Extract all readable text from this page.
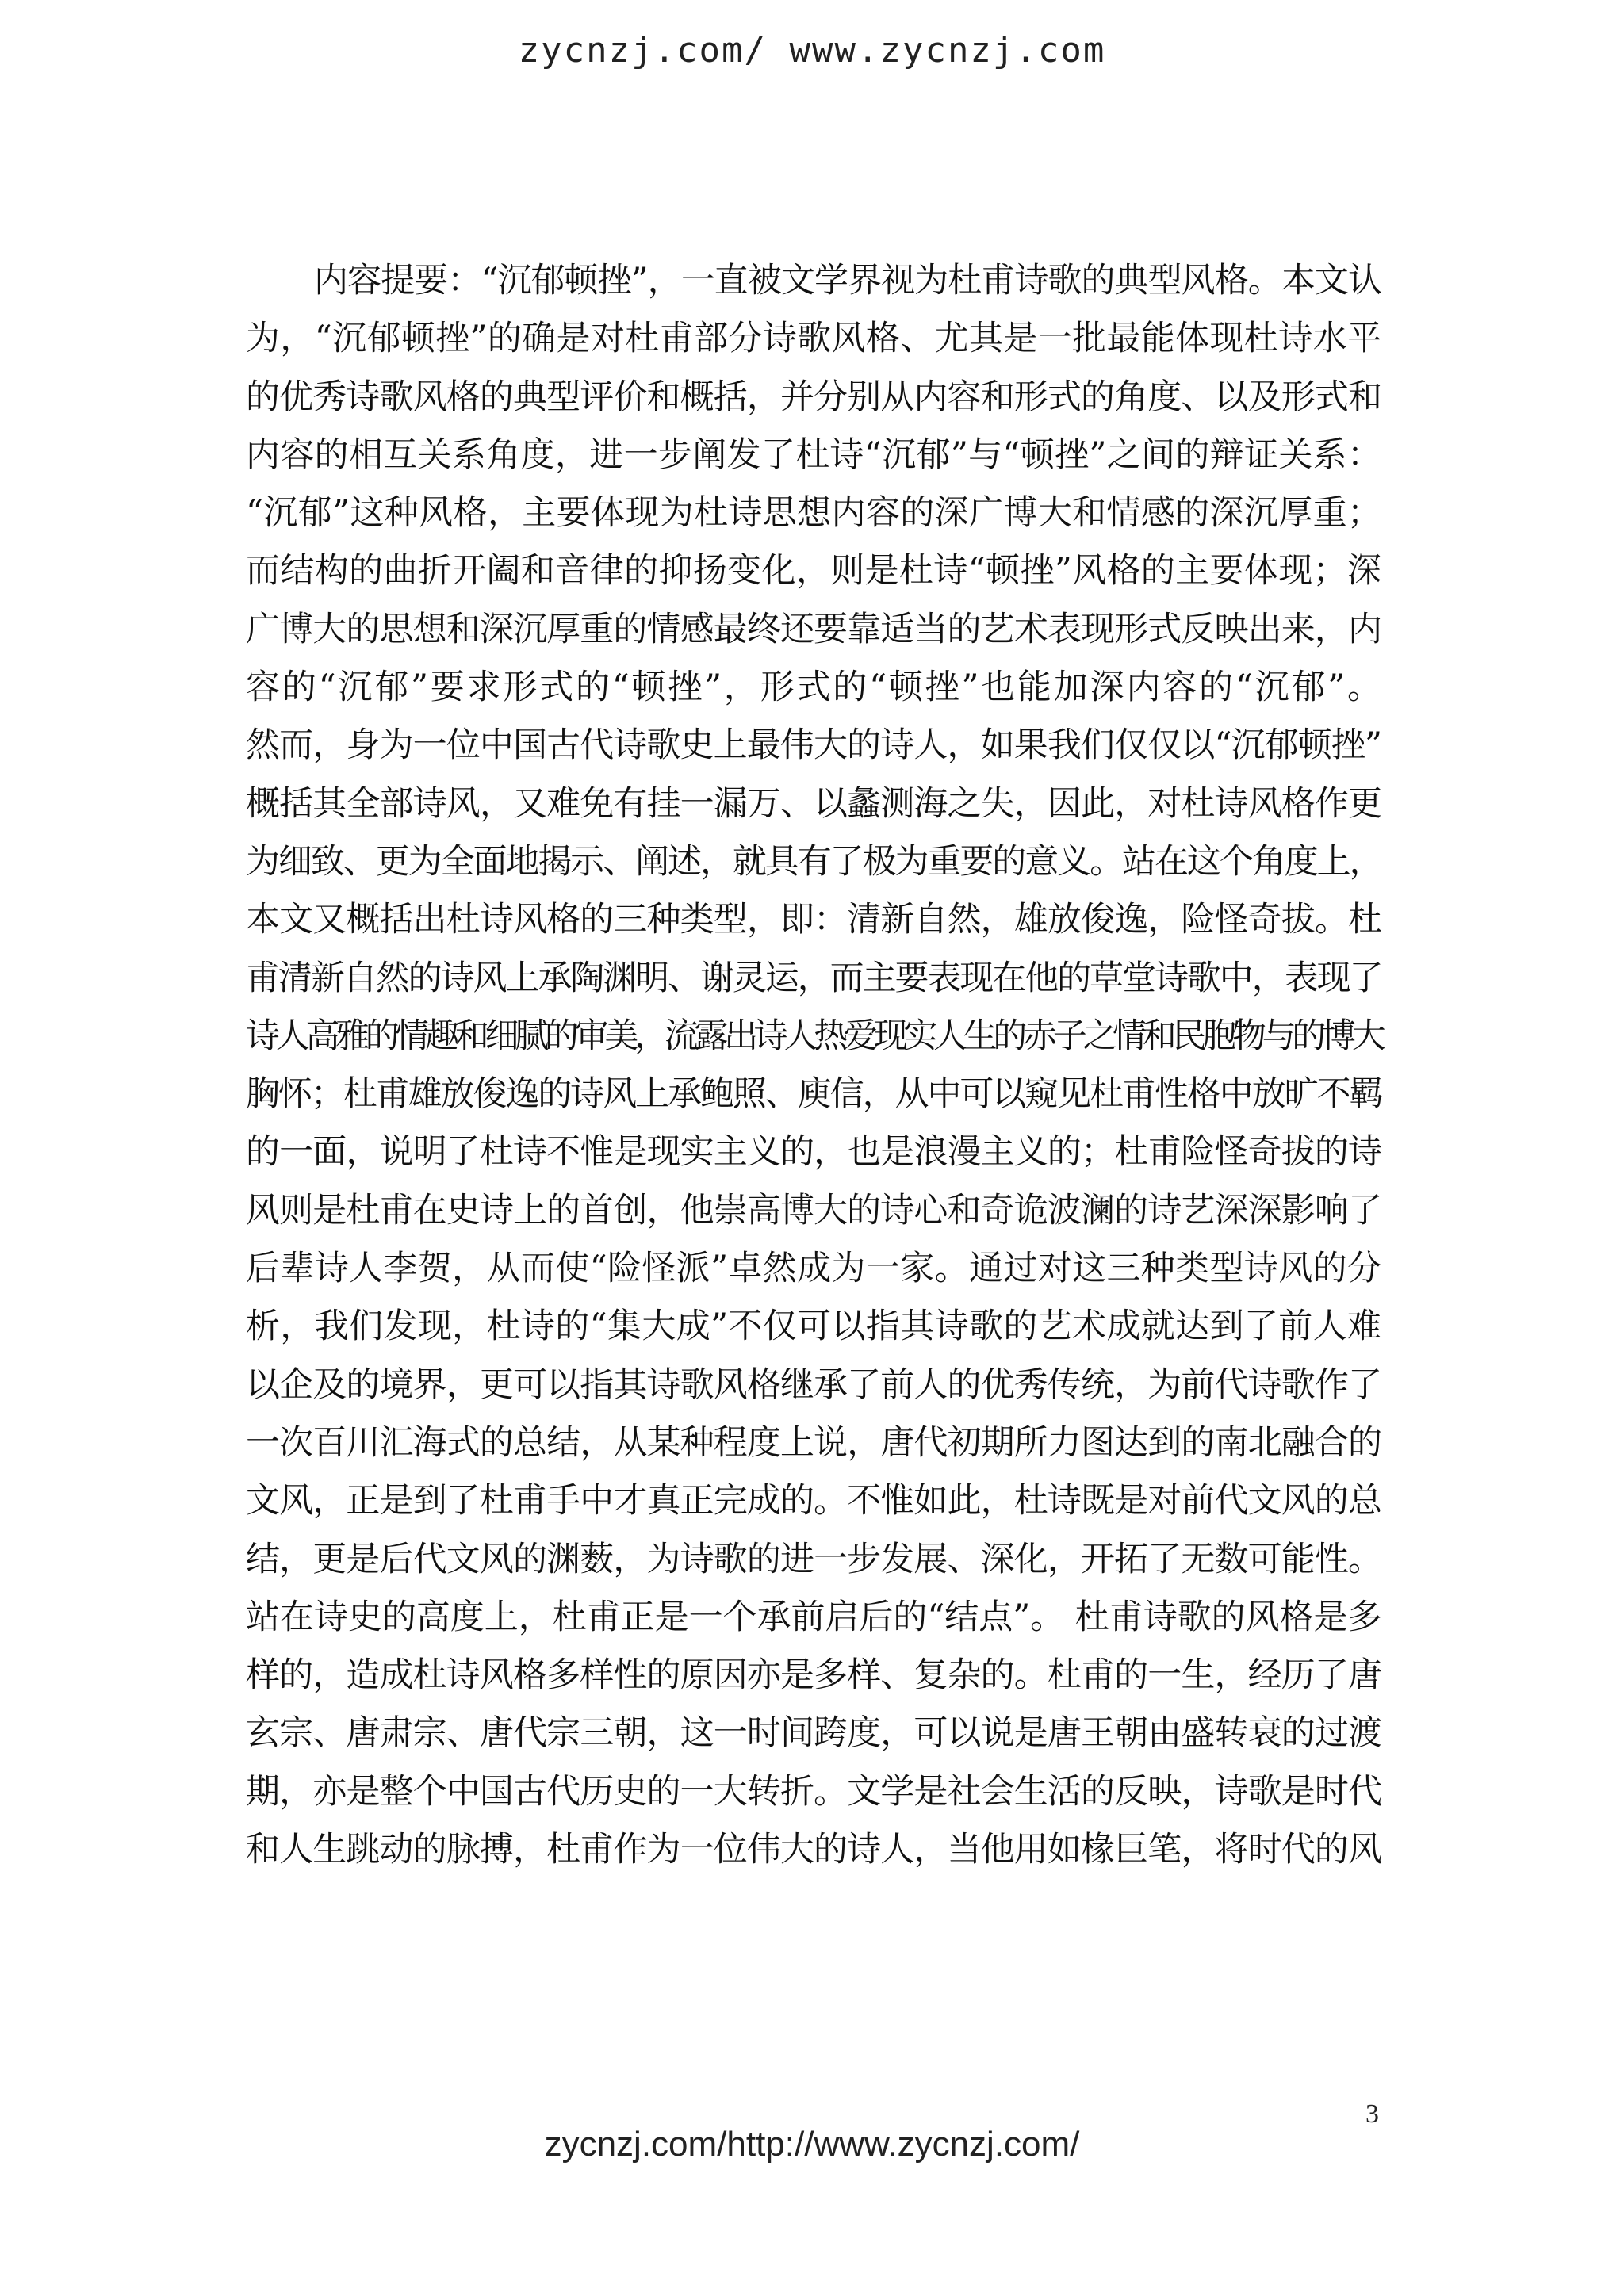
zycnzj.com/ www.zycnzj.com
内容提要：“沉郁顿挫”，一直被文学界视为杜甫诗歌的典型风格。本文认
为，“沉郁顿挫”的确是对杜甫部分诗歌风格、尤其是一批最能体现杜诗水平
的优秀诗歌风格的典型评价和概括，并分别从内容和形式的角度、以及形式和
内容的相互关系角度，进一步阐发了杜诗“沉郁”与“顿挫”之间的辩证关系：
“沉郁”这种风格，主要体现为杜诗思想内容的深广博大和情感的深沉厚重；
而结构的曲折开阖和音律的抑扬变化，则是杜诗“顿挫”风格的主要体现；深
广博大的思想和深沉厚重的情感最终还要靠适当的艺术表现形式反映出来，内
容的“沉郁”要求形式的“顿挫”，形式的“顿挫”也能加深内容的“沉郁”。
然而，身为一位中国古代诗歌史上最伟大的诗人，如果我们仅仅以“沉郁顿挫”
概括其全部诗风，又难免有挂一漏万、以蠡测海之失，因此，对杜诗风格作更
为细致、更为全面地揭示、阐述，就具有了极为重要的意义。站在这个角度上，
本文又概括出杜诗风格的三种类型，即：清新自然，雄放俊逸，险怪奇拔。杜
甫清新自然的诗风上承陶渊明、谢灵运，而主要表现在他的草堂诗歌中，表现了
诗人高雅的情趣和细腻的审美，流露出诗人热爱现实人生的赤子之情和民胞物与的博大
胸怀；杜甫雄放俊逸的诗风上承鲍照、庾信，从中可以窥见杜甫性格中放旷不羁
的一面，说明了杜诗不惟是现实主义的，也是浪漫主义的；杜甫险怪奇拔的诗
风则是杜甫在史诗上的首创，他崇高博大的诗心和奇诡波澜的诗艺深深影响了
后辈诗人李贺，从而使“险怪派”卓然成为一家。通过对这三种类型诗风的分
析，我们发现，杜诗的“集大成”不仅可以指其诗歌的艺术成就达到了前人难
以企及的境界，更可以指其诗歌风格继承了前人的优秀传统，为前代诗歌作了
一次百川汇海式的总结，从某种程度上说，唐代初期所力图达到的南北融合的
文风，正是到了杜甫手中才真正完成的。不惟如此，杜诗既是对前代文风的总
结，更是后代文风的渊薮，为诗歌的进一步发展、深化，开拓了无数可能性。
站在诗史的高度上，杜甫正是一个承前启后的“结点”。 杜甫诗歌的风格是多
样的，造成杜诗风格多样性的原因亦是多样、复杂的。杜甫的一生，经历了唐
玄宗、唐肃宗、唐代宗三朝，这一时间跨度，可以说是唐王朝由盛转衰的过渡
期，亦是整个中国古代历史的一大转折。文学是社会生活的反映，诗歌是时代
和人生跳动的脉搏，杜甫作为一位伟大的诗人，当他用如椽巨笔，将时代的风
3
zycnzj.com/http://www.zycnzj.com/
